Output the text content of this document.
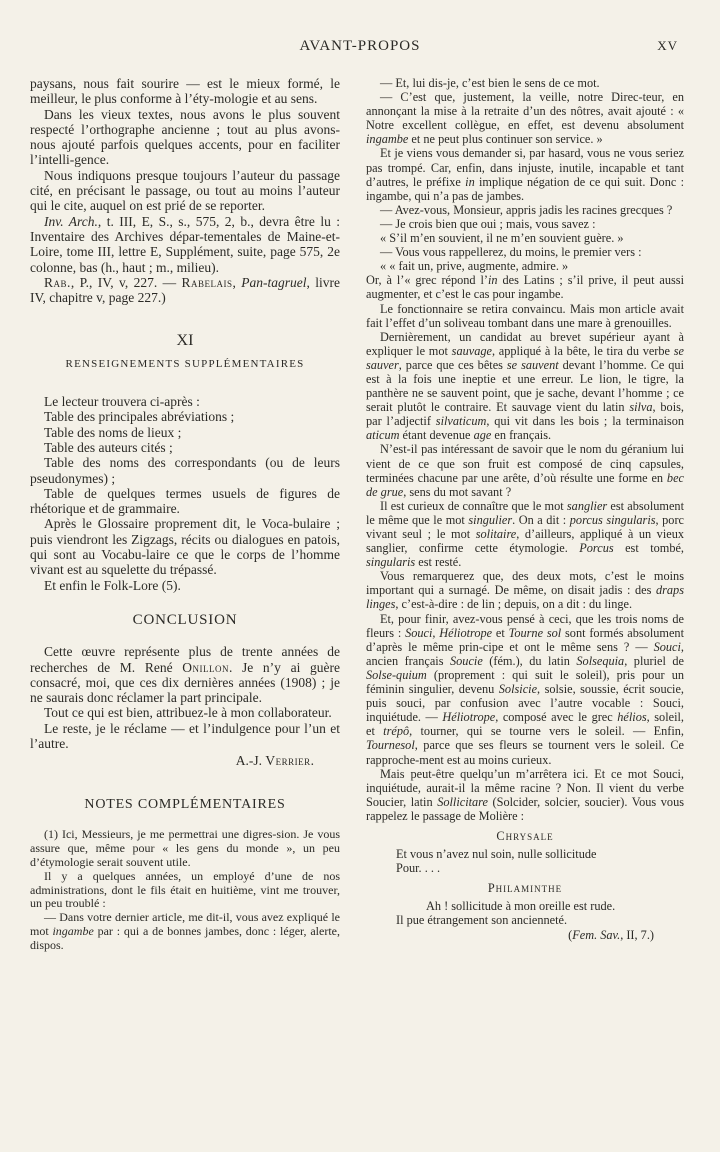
AVANT-PROPOS	XV

paysans, nous fait sourire — est le mieux formé, le meilleur, le plus conforme à l’éty-mologie et au sens.

Dans les vieux textes, nous avons le plus souvent respecté l’orthographe ancienne ; tout au plus avons-nous ajouté parfois quelques accents, pour en faciliter l’intelli-gence.

Nous indiquons presque toujours l’auteur du passage cité, en précisant le passage, ou tout au moins l’auteur qui le cite, auquel on est prié de se reporter.

Inv. Arch., t. III, E, S., s., 575, 2, b., devra être lu : Inventaire des Archives dépar-tementales de Maine-et-Loire, tome III, lettre E, Supplément, suite, page 575, 2e colonne, bas (h., haut ; m., milieu).

Rab., P., IV, v, 227. — Rabelais, Pan-tagruel, livre IV, chapitre v, page 227.)

XI

RENSEIGNEMENTS SUPPLÉMENTAIRES

Le lecteur trouvera ci-après :

Table des principales abréviations ;

Table des noms de lieux ;

Table des auteurs cités ;

Table des noms des correspondants (ou de leurs pseudonymes) ;

Table de quelques termes usuels de figures de rhétorique et de grammaire.

Après le Glossaire proprement dit, le Voca-bulaire ; puis viendront les Zigzags, récits ou dialogues en patois, qui sont au Vocabu-laire ce que le corps de l’homme vivant est au squelette du trépassé.

Et enfin le Folk-Lore (5).

CONCLUSION

Cette œuvre représente plus de trente années de recherches de M. René Onillon. Je n’y ai guère consacré, moi, que ces dix dernières années (1908) ; je ne saurais donc réclamer la part principale.

Tout ce qui est bien, attribuez-le à mon collaborateur.

Le reste, je le réclame — et l’indulgence pour l’un et l’autre.

A.-J. Verrier.

NOTES COMPLÉMENTAIRES

(1) Ici, Messieurs, je me permettrai une digres-sion. Je vous assure que, même pour « les gens du monde », un peu d’étymologie serait souvent utile.

Il y a quelques années, un employé d’une de nos administrations, dont le fils était en huitième, vint me trouver, un peu troublé :

— Dans votre dernier article, me dit-il, vous avez expliqué le mot ingambe par : qui a de bonnes jambes, donc : léger, alerte, dispos.

— Et, lui dis-je, c’est bien le sens de ce mot.

— C’est que, justement, la veille, notre Direc-teur, en annonçant la mise à la retraite d’un des nôtres, avait ajouté : « Notre excellent collègue, en effet, est devenu absolument ingambe et ne peut plus continuer son service. »

Et je viens vous demander si, par hasard, vous ne vous seriez pas trompé. Car, enfin, dans injuste, inutile, incapable et tant d’autres, le préfixe in implique négation de ce qui suit. Donc : ingambe, qui n’a pas de jambes.

— Avez-vous, Monsieur, appris jadis les racines grecques ?

— Je crois bien que oui ; mais, vous savez :

« S’il m’en souvient, il ne m’en souvient guère. »

— Vous vous rappellerez, du moins, le premier vers :

« « fait un, prive, augmente, admire. »

Or, à l’« grec répond l’in des Latins ; s’il prive, il peut aussi augmenter, et c’est le cas pour ingambe.

Le fonctionnaire se retira convaincu. Mais mon article avait fait l’effet d’un soliveau tombant dans une mare à grenouilles.

Dernièrement, un candidat au brevet supérieur ayant à expliquer le mot sauvage, appliqué à la bête, le tira du verbe se sauver, parce que ces bêtes se sauvent devant l’homme. Ce qui est à la fois une ineptie et une erreur. Le lion, le tigre, la panthère ne se sauvent point, que je sache, devant l’homme ; ce serait plutôt le contraire. Et sauvage vient du latin silva, bois, par l’adjectif silvaticum, qui vit dans les bois ; la terminaison aticum étant devenue age en français.

N’est-il pas intéressant de savoir que le nom du géranium lui vient de ce que son fruit est composé de cinq capsules, terminées chacune par une arête, d’où résulte une forme en bec de grue, sens du mot savant ?

Il est curieux de connaître que le mot sanglier est absolument le même que le mot singulier. On a dit : porcus singularis, porc vivant seul ; le mot solitaire, d’ailleurs, appliqué à un vieux sanglier, confirme cette étymologie. Porcus est tombé, singularis est resté.

Vous remarquerez que, des deux mots, c’est le moins important qui a surnagé. De même, on disait jadis : des draps linges, c’est-à-dire : de lin ; depuis, on a dit : du linge.

Et, pour finir, avez-vous pensé à ceci, que les trois noms de fleurs : Souci, Héliotrope et Tourne sol sont formés absolument d’après le même prin-cipe et ont le même sens ? — Souci, ancien français Soucie (fém.), du latin Solsequia, pluriel de Solse-quium (proprement : qui suit le soleil), pris pour un féminin singulier, devenu Solsicie, solsie, soussie, écrit soucie, puis souci, par confusion avec l’autre vocable : Souci, inquiétude. — Héliotrope, composé avec le grec hélios, soleil, et trépô, tourner, qui se tourne vers le soleil. — Enfin, Tournesol, parce que ses fleurs se tournent vers le soleil. Ce rapproche-ment est au moins curieux.

Mais peut-être quelqu’un m’arrêtera ici. Et ce mot Souci, inquiétude, aurait-il la même racine ? Non. Il vient du verbe Soucier, latin Sollicitare (Solcider, solcier, soucier). Vous vous rappelez le passage de Molière :

Chrysale

Et vous n’avez nul soin, nulle sollicitude

Pour. . . .

Philaminthe

Ah ! sollicitude à mon oreille est rude.

Il pue étrangement son ancienneté.

(Fem. Sav., II, 7.)
